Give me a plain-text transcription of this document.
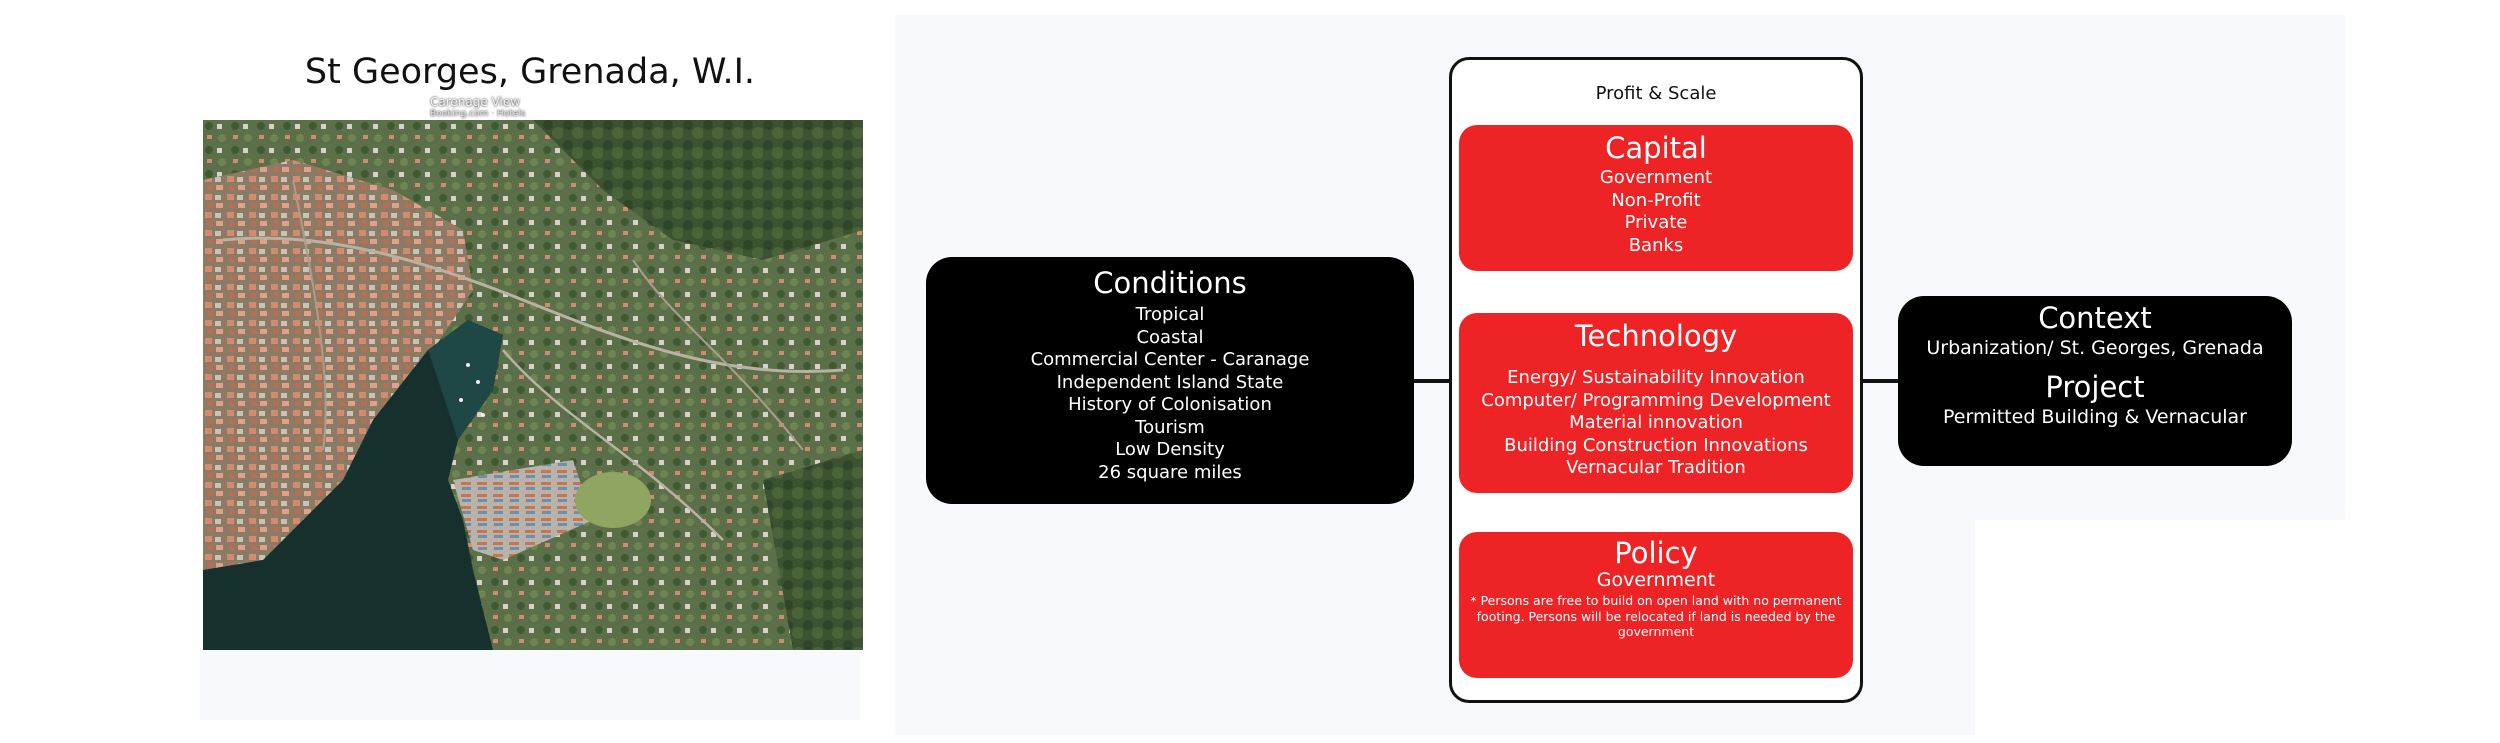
St Georges, Grenada, W.I.
Carenage View
Booking.com · Hotels
Conditions
Tropical
Coastal
Commercial Center - Caranage
Independent Island State
History of Colonisation
Tourism
Low Density
26 square miles
Profit & Scale
Capital
Government
Non-Profit
Private
Banks
Technology
Energy/ Sustainability Innovation
Computer/ Programming Development
Material innovation
Building Construction Innovations
Vernacular Tradition
Policy
Government
* Persons are free to build on open land with no permanent footing. Persons will be relocated if land is needed by the government
Context
Urbanization/ St. Georges, Grenada
Project
Permitted Building & Vernacular
